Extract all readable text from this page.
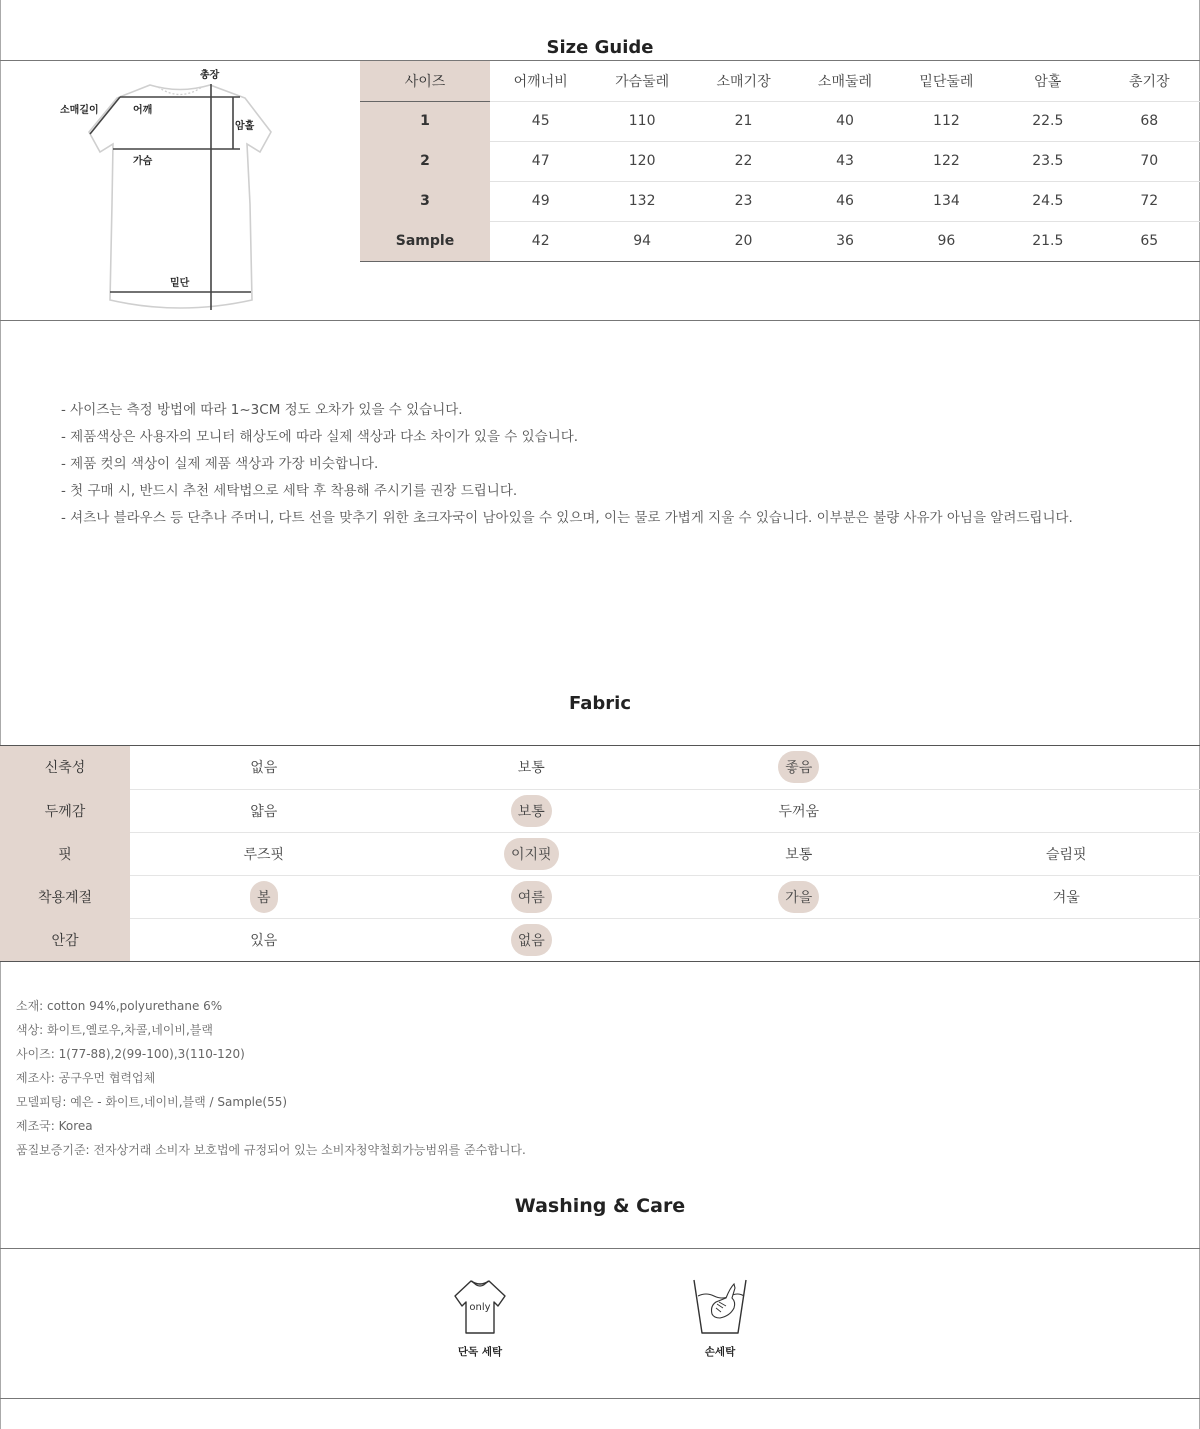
Size Guide
총장
소매길이	어깨
암홀
가슴
밑단
사이즈	어깨너비	가슴둘레	소매기장	소매둘레	밑단둘레	암홀	총기장
1	45	110	21	40	112	22.5	68
2	47	120	22	43	122	23.5	70
3	49	132	23	46	134	24.5	72
Sample	42	94	20	36	96	21.5	65
- 사이즈는 측정 방법에 따라 1~3CM 정도 오차가 있을 수 있습니다.
- 제품색상은 사용자의 모니터 해상도에 따라 실제 색상과 다소 차이가 있을 수 있습니다.
- 제품 컷의 색상이 실제 제품 색상과 가장 비슷합니다.
- 첫 구매 시, 반드시 추천 세탁법으로 세탁 후 착용해 주시기를 권장 드립니다.
- 셔츠나 블라우스 등 단추나 주머니, 다트 선을 맞추기 위한 초크자국이 남아있을 수 있으며, 이는 물로 가볍게 지울 수 있습니다. 이부분은 불량 사유가 아님을 알려드립니다.
Fabric
신축성	없음	보통	좋음	
두께감	얇음	보통	두꺼움	
핏	루즈핏	이지핏	보통	슬림핏
착용계절	봄	여름	가을	겨울
안감	있음	없음		
소재: cotton 94%,polyurethane 6%
색상: 화이트,옐로우,차콜,네이비,블랙
사이즈: 1(77-88),2(99-100),3(110-120)
제조사: 공구우먼 협력업체
모델피팅: 예은 - 화이트,네이비,블랙 / Sample(55)
제조국: Korea
품질보증기준: 전자상거래 소비자 보호법에 규정되어 있는 소비자청약철회가능범위를 준수합니다.
Washing & Care
only
단독 세탁	손세탁
